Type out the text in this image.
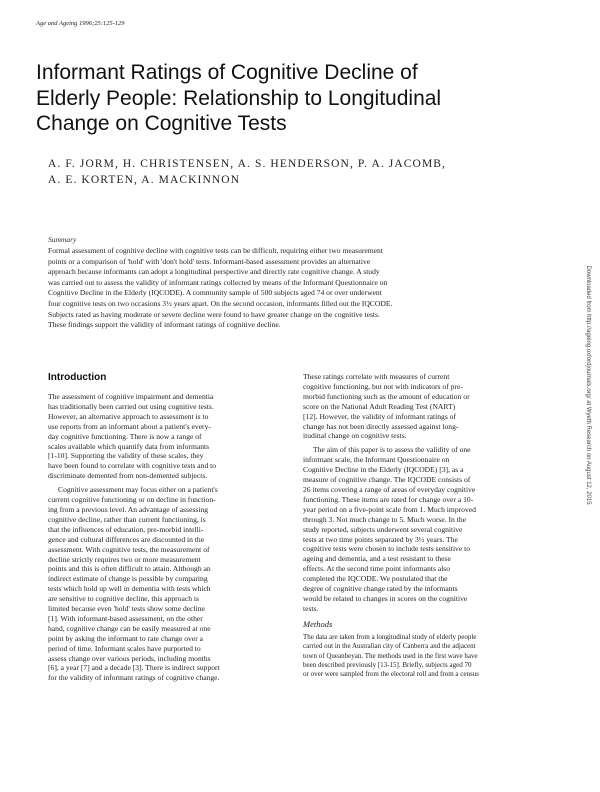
Age and Ageing 1996;25:125-129
Informant Ratings of Cognitive Decline of
Elderly People: Relationship to Longitudinal
Change on Cognitive Tests
A. F. JORM, H. CHRISTENSEN, A. S. HENDERSON, P. A. JACOMB,
A. E. KORTEN, A. MACKINNON
Summary
Formal assessment of cognitive decline with cognitive tests can be difficult, requiring either two measurement
points or a comparison of 'hold' with 'don't hold' tests. Informant-based assessment provides an alternative
approach because informants can adopt a longitudinal perspective and directly rate cognitive change. A study
was carried out to assess the validity of informant ratings collected by means of the Informant Questionnaire on
Cognitive Decline in the Elderly (IQCODE). A community sample of 500 subjects aged 74 or over underwent
four cognitive tests on two occasions 3½ years apart. On the second occasion, informants filled out the IQCODE.
Subjects rated as having moderate or severe decline were found to have greater change on the cognitive tests.
These findings support the validity of informant ratings of cognitive decline.	Downloaded from http://ageing.oxfordjournals.org/ at Wyeth Research on August 12, 2015
Introduction
The assessment of cognitive impairment and dementia
has traditionally been carried out using cognitive tests.
However, an alternative approach to assessment is to
use reports from an informant about a patient's every-
day cognitive functioning. There is now a range of
scales available which quantify data from informants
[1-10]. Supporting the validity of these scales, they
have been found to correlate with cognitive tests and to
discriminate demented from non-demented subjects.
Cognitive assessment may focus either on a patient's
current cognitive functioning or on decline in function-
ing from a previous level. An advantage of assessing
cognitive decline, rather than current functioning, is
that the influences of education, pre-morbid intelli-
gence and cultural differences are discounted in the
assessment. With cognitive tests, the measurement of
decline strictly requires two or more measurement
points and this is often difficult to attain. Although an
indirect estimate of change is possible by comparing
tests which hold up well in dementia with tests which
are sensitive to cognitive decline, this approach is
limited because even 'hold' tests show some decline
[1]. With informant-based assessment, on the other
hand, cognitive change can be easily measured at one
point by asking the informant to rate change over a
period of time. Informant scales have purported to
assess change over various periods, including months
[6], a year [7] and a decade [3]. There is indirect support
for the validity of informant ratings of cognitive change.
These ratings correlate with measures of current
cognitive functioning, but not with indicators of pre-
morbid functioning such as the amount of education or
score on the National Adult Reading Test (NART)
[12]. However, the validity of informant ratings of
change has not been directly assessed against long-
itudinal change on cognitive tests.
The aim of this paper is to assess the validity of one
informant scale, the Informant Questionnaire on
Cognitive Decline in the Elderly (IQCODE) [3], as a
measure of cognitive change. The IQCODE consists of
26 items covering a range of areas of everyday cognitive
functioning. These items are rated for change over a 10-
year period on a five-point scale from 1. Much improved
through 3. Not much change to 5. Much worse. In the
study reported, subjects underwent several cognitive
tests at two time points separated by 3½ years. The
cognitive tests were chosen to include tests sensitive to
ageing and dementia, and a test resistant to these
effects. At the second time point informants also
completed the IQCODE. We postulated that the
degree of cognitive change rated by the informants
would be related to changes in scores on the cognitive
tests.
Methods
The data are taken from a longitudinal study of elderly people
carried out in the Australian city of Canberra and the adjacent
town of Queanbeyan. The methods used in the first wave have
been described previously [13-15]. Briefly, subjects aged 70
or over were sampled from the electoral roll and from a census
